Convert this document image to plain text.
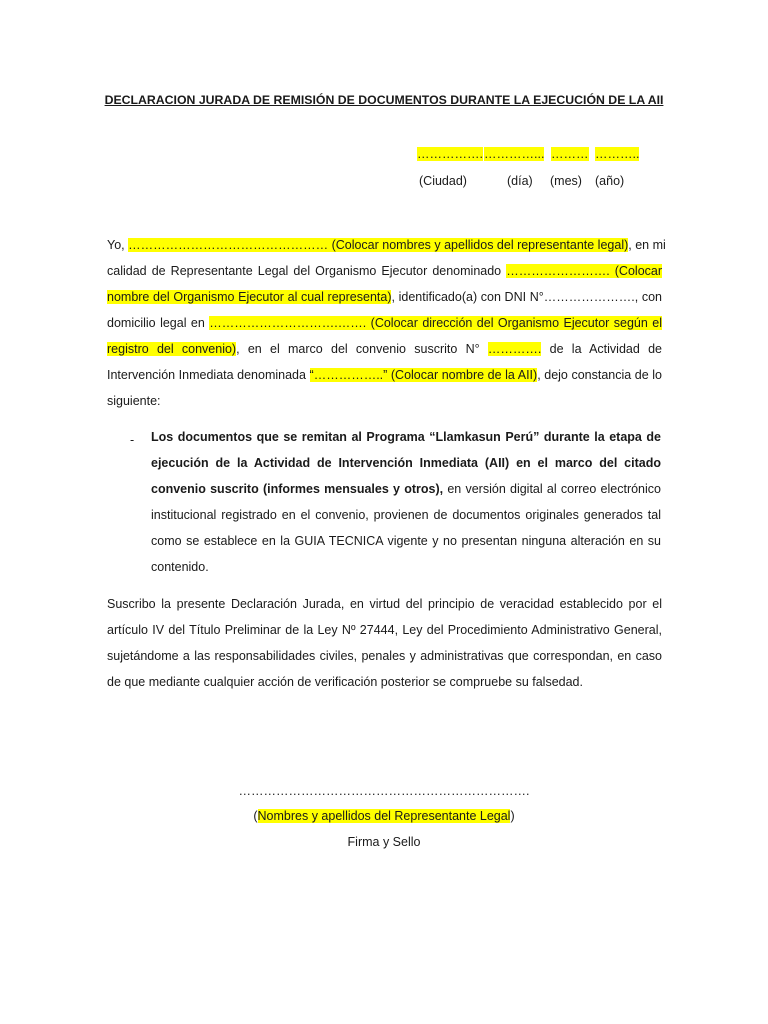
DECLARACION JURADA DE REMISIÓN DE DOCUMENTOS DURANTE LA EJECUCIÓN DE LA AII
……………. …………... ……… ………..
(Ciudad)	(día) (mes) (año)
Yo, ………………………………………… (Colocar nombres y apellidos del representante legal), en mi
calidad de Representante Legal del Organismo Ejecutor denominado ……………………. (Colocar
nombre del Organismo Ejecutor al cual representa), identificado(a) con DNI N°…………………., con
domicilio legal en ………………………….……. (Colocar dirección del Organismo Ejecutor según el
registro del convenio), en el marco del convenio suscrito N° …………. de la Actividad de
Intervención Inmediata denominada “……………..” (Colocar nombre de la AII), dejo constancia de lo
siguiente:
- Los documentos que se remitan al Programa “Llamkasun Perú” durante la etapa de
ejecución de la Actividad de Intervención Inmediata (AII) en el marco del citado
convenio suscrito (informes mensuales y otros), en versión digital al correo electrónico
institucional registrado en el convenio, provienen de documentos originales generados tal
como se establece en la GUIA TECNICA vigente y no presentan ninguna alteración en su
contenido.
Suscribo la presente Declaración Jurada, en virtud del principio de veracidad establecido por el
artículo IV del Título Preliminar de la Ley Nº 27444, Ley del Procedimiento Administrativo General,
sujetándome a las responsabilidades civiles, penales y administrativas que correspondan, en caso
de que mediante cualquier acción de verificación posterior se compruebe su falsedad.
…………………………………………………………….
(Nombres y apellidos del Representante Legal)
Firma y Sello
